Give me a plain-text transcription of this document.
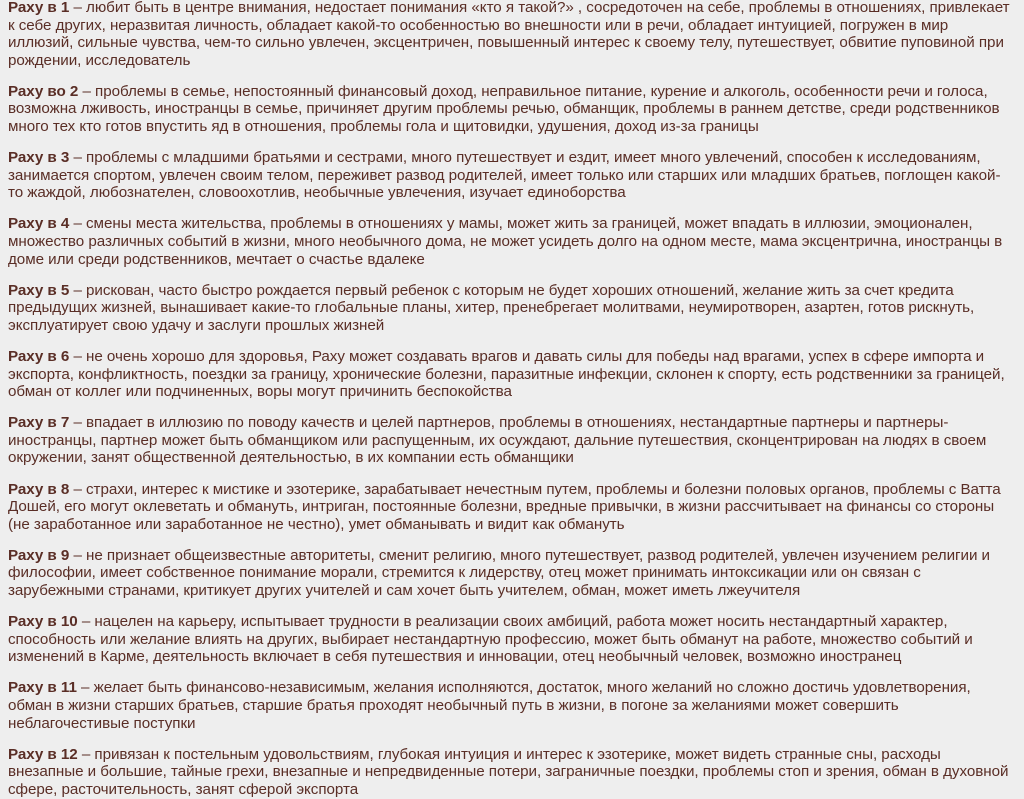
Раху в 1 – любит быть в центре внимания, недостает понимания «кто я такой?» , сосредоточен на себе, проблемы в отношениях, привлекает к себе других, неразвитая личность, обладает какой-то особенностью во внешности или в речи, обладает интуицией, погружен в мир иллюзий, сильные чувства, чем-то сильно увлечен, эксцентричен, повышенный интерес к своему телу, путешествует, обвитие пуповиной при рождении, исследователь

Раху во 2 – проблемы в семье, непостоянный финансовый доход, неправильное питание, курение и алкоголь, особенности речи и голоса, возможна лживость, иностранцы в семье, причиняет другим проблемы речью, обманщик, проблемы в раннем детстве, среди родственников много тех кто готов впустить яд в отношения, проблемы гола и щитовидки, удушения, доход из-за границы

Раху в 3 – проблемы с младшими братьями и сестрами, много путешествует и ездит, имеет много увлечений, способен к исследованиям, занимается спортом, увлечен своим телом, переживет развод родителей, имеет только или старших или младших братьев, поглощен какой-то жаждой, любознателен, словоохотлив, необычные увлечения, изучает единоборства

Раху в 4 – смены места жительства, проблемы в отношениях у мамы, может жить за границей, может впадать в иллюзии, эмоционален, множество различных событий в жизни, много необычного дома, не может усидеть долго на одном месте, мама эксцентрична, иностранцы в доме или среди родственников, мечтает о счастье вдалеке

Раху в 5 – рискован, часто быстро рождается первый ребенок с которым не будет хороших отношений, желание жить за счет кредита предыдущих жизней, вынашивает какие-то глобальные планы, хитер, пренебрегает молитвами, неумиротворен, азартен, готов рискнуть, эксплуатирует свою удачу и заслуги прошлых жизней

Раху в 6 – не очень хорошо для здоровья, Раху может создавать врагов и давать силы для победы над врагами, успех в сфере импорта и экспорта, конфликтность, поездки за границу, хронические болезни, паразитные инфекции, склонен к спорту, есть родственники за границей, обман от коллег или подчиненных, воры могут причинить беспокойства

Раху в 7 – впадает в иллюзию по поводу качеств и целей партнеров, проблемы в отношениях, нестандартные партнеры и партнеры- иностранцы, партнер может быть обманщиком или распущенным, их осуждают, дальние путешествия, сконцентрирован на людях в своем окружении, занят общественной деятельностью, в их компании есть обманщики

Раху в 8 – страхи, интерес к мистике и эзотерике, зарабатывает нечестным путем, проблемы и болезни половых органов, проблемы с Ватта Дошей, его могут оклеветать и обмануть, интриган, постоянные болезни, вредные привычки, в жизни рассчитывает на финансы со стороны (не заработанное или заработанное не честно), умет обманывать и видит как обмануть

Раху в 9 – не признает общеизвестные авторитеты, сменит религию, много путешествует, развод родителей, увлечен изучением религии и философии, имеет собственное понимание морали, стремится к лидерству, отец может принимать интоксикации или он связан с зарубежными странами, критикует других учителей и сам хочет быть учителем, обман, может иметь лжеучителя

Раху в 10 – нацелен на карьеру, испытывает трудности в реализации своих амбиций, работа может носить нестандартный характер, способность или желание влиять на других, выбирает нестандартную профессию, может быть обманут на работе, множество событий и изменений в Карме, деятельность включает в себя путешествия и инновации, отец необычный человек, возможно иностранец

Раху в 11 – желает быть финансово-независимым, желания исполняются, достаток, много желаний но сложно достичь удовлетворения, обман в жизни старших братьев, старшие братья проходят необычный путь в жизни, в погоне за желаниями может совершить неблагочестивые поступки

Раху в 12 – привязан к постельным удовольствиям, глубокая интуиция и интерес к эзотерике, может видеть странные сны, расходы внезапные и большие, тайные грехи, внезапные и непредвиденные потери, заграничные поездки, проблемы стоп и зрения, обман в духовной сфере, расточительность, занят сферой экспорта
